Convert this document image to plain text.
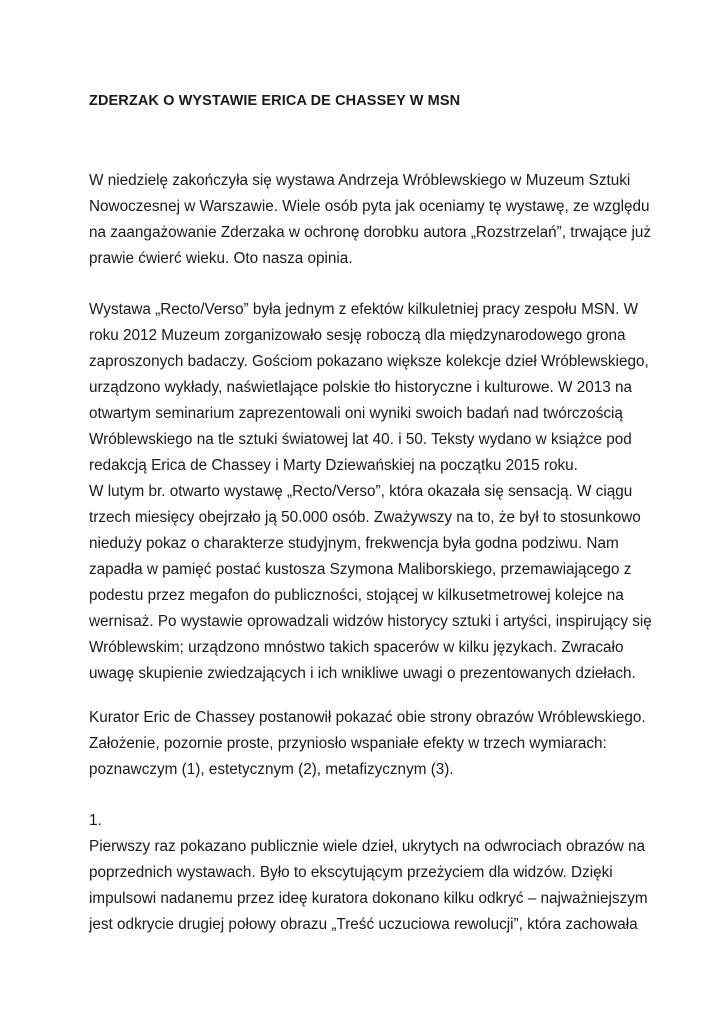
ZDERZAK O WYSTAWIE ERICA DE CHASSEY W MSN
W niedzielę zakończyła się wystawa Andrzeja Wróblewskiego w Muzeum Sztuki
Nowoczesnej w Warszawie. Wiele osób pyta jak oceniamy tę wystawę, ze względu
na zaangażowanie Zderzaka w ochronę dorobku autora „Rozstrzelań”, trwające już
prawie ćwierć wieku. Oto nasza opinia.
Wystawa „Recto/Verso” była jednym z efektów kilkuletniej pracy zespołu MSN. W
roku 2012 Muzeum zorganizowało sesję roboczą dla międzynarodowego grona
zaproszonych badaczy. Gościom pokazano większe kolekcje dzieł Wróblewskiego,
urządzono wykłady, naświetlające polskie tło historyczne i kulturowe. W 2013 na
otwartym seminarium zaprezentowali oni wyniki swoich badań nad twórczością
Wróblewskiego na tle sztuki światowej lat 40. i 50. Teksty wydano w książce pod
redakcją Erica de Chassey i Marty Dziewańskiej na początku 2015 roku.
W lutym br. otwarto wystawę „Recto/Verso”, która okazała się sensacją. W ciągu
trzech miesięcy obejrzało ją 50.000 osób. Zważywszy na to, że był to stosunkowo
nieduży pokaz o charakterze studyjnym, frekwencja była godna podziwu. Nam
zapadła w pamięć postać kustosza Szymona Maliborskiego, przemawiającego z
podestu przez megafon do publiczności, stojącej w kilkusetmetrowej kolejce na
wernisaż. Po wystawie oprowadzali widzów historycy sztuki i artyści, inspirujący się
Wróblewskim; urządzono mnóstwo takich spacerów w kilku językach. Zwracało
uwagę skupienie zwiedzających i ich wnikliwe uwagi o prezentowanych dziełach.
Kurator Eric de Chassey postanowił pokazać obie strony obrazów Wróblewskiego.
Założenie, pozornie proste, przyniosło wspaniałe efekty w trzech wymiarach:
poznawczym (1), estetycznym (2), metafizycznym (3).
1.
Pierwszy raz pokazano publicznie wiele dzieł, ukrytych na odwrociach obrazów na
poprzednich wystawach. Było to ekscytującym przeżyciem dla widzów. Dzięki
impulsowi nadanemu przez ideę kuratora dokonano kilku odkryć – najważniejszym
jest odkrycie drugiej połowy obrazu „Treść uczuciowa rewolucji”, która zachowała
